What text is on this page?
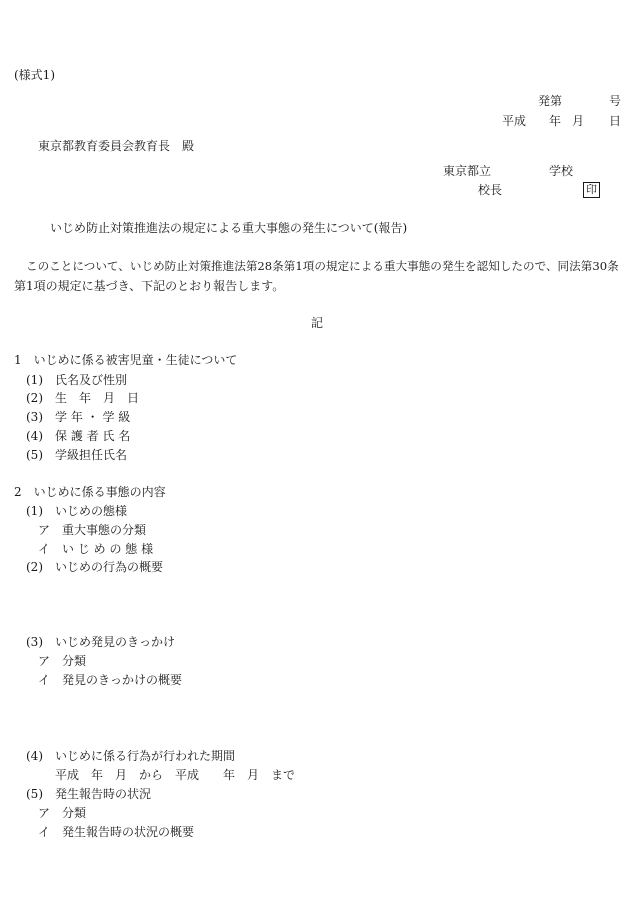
(様式1)
発第	号
平成 年 月 日
東京都教育委員会教育長　殿
東京都立	学校
校長	印
いじめ防止対策推進法の規定による重大事態の発生について(報告)
このことについて、いじめ防止対策推進法第28条第1項の規定による重大事態の発生を認知したので、同法第30条
第1項の規定に基づき、下記のとおり報告します。
記
1　いじめに係る被害児童・生徒について
(1) 氏名及び性別
(2) 生　年　月　日
(3) 学 年 ・ 学 級
(4) 保 護 者 氏 名
(5) 学級担任氏名
2　いじめに係る事態の内容
(1) いじめの態様
ア　重大事態の分類
イ　い じ め の 態 様
(2) いじめの行為の概要
(3) いじめ発見のきっかけ
ア　分類
イ　発見のきっかけの概要
(4) いじめに係る行為が行われた期間
平成　年　月　から　平成　　年　月　まで
(5) 発生報告時の状況
ア　分類
イ　発生報告時の状況の概要
